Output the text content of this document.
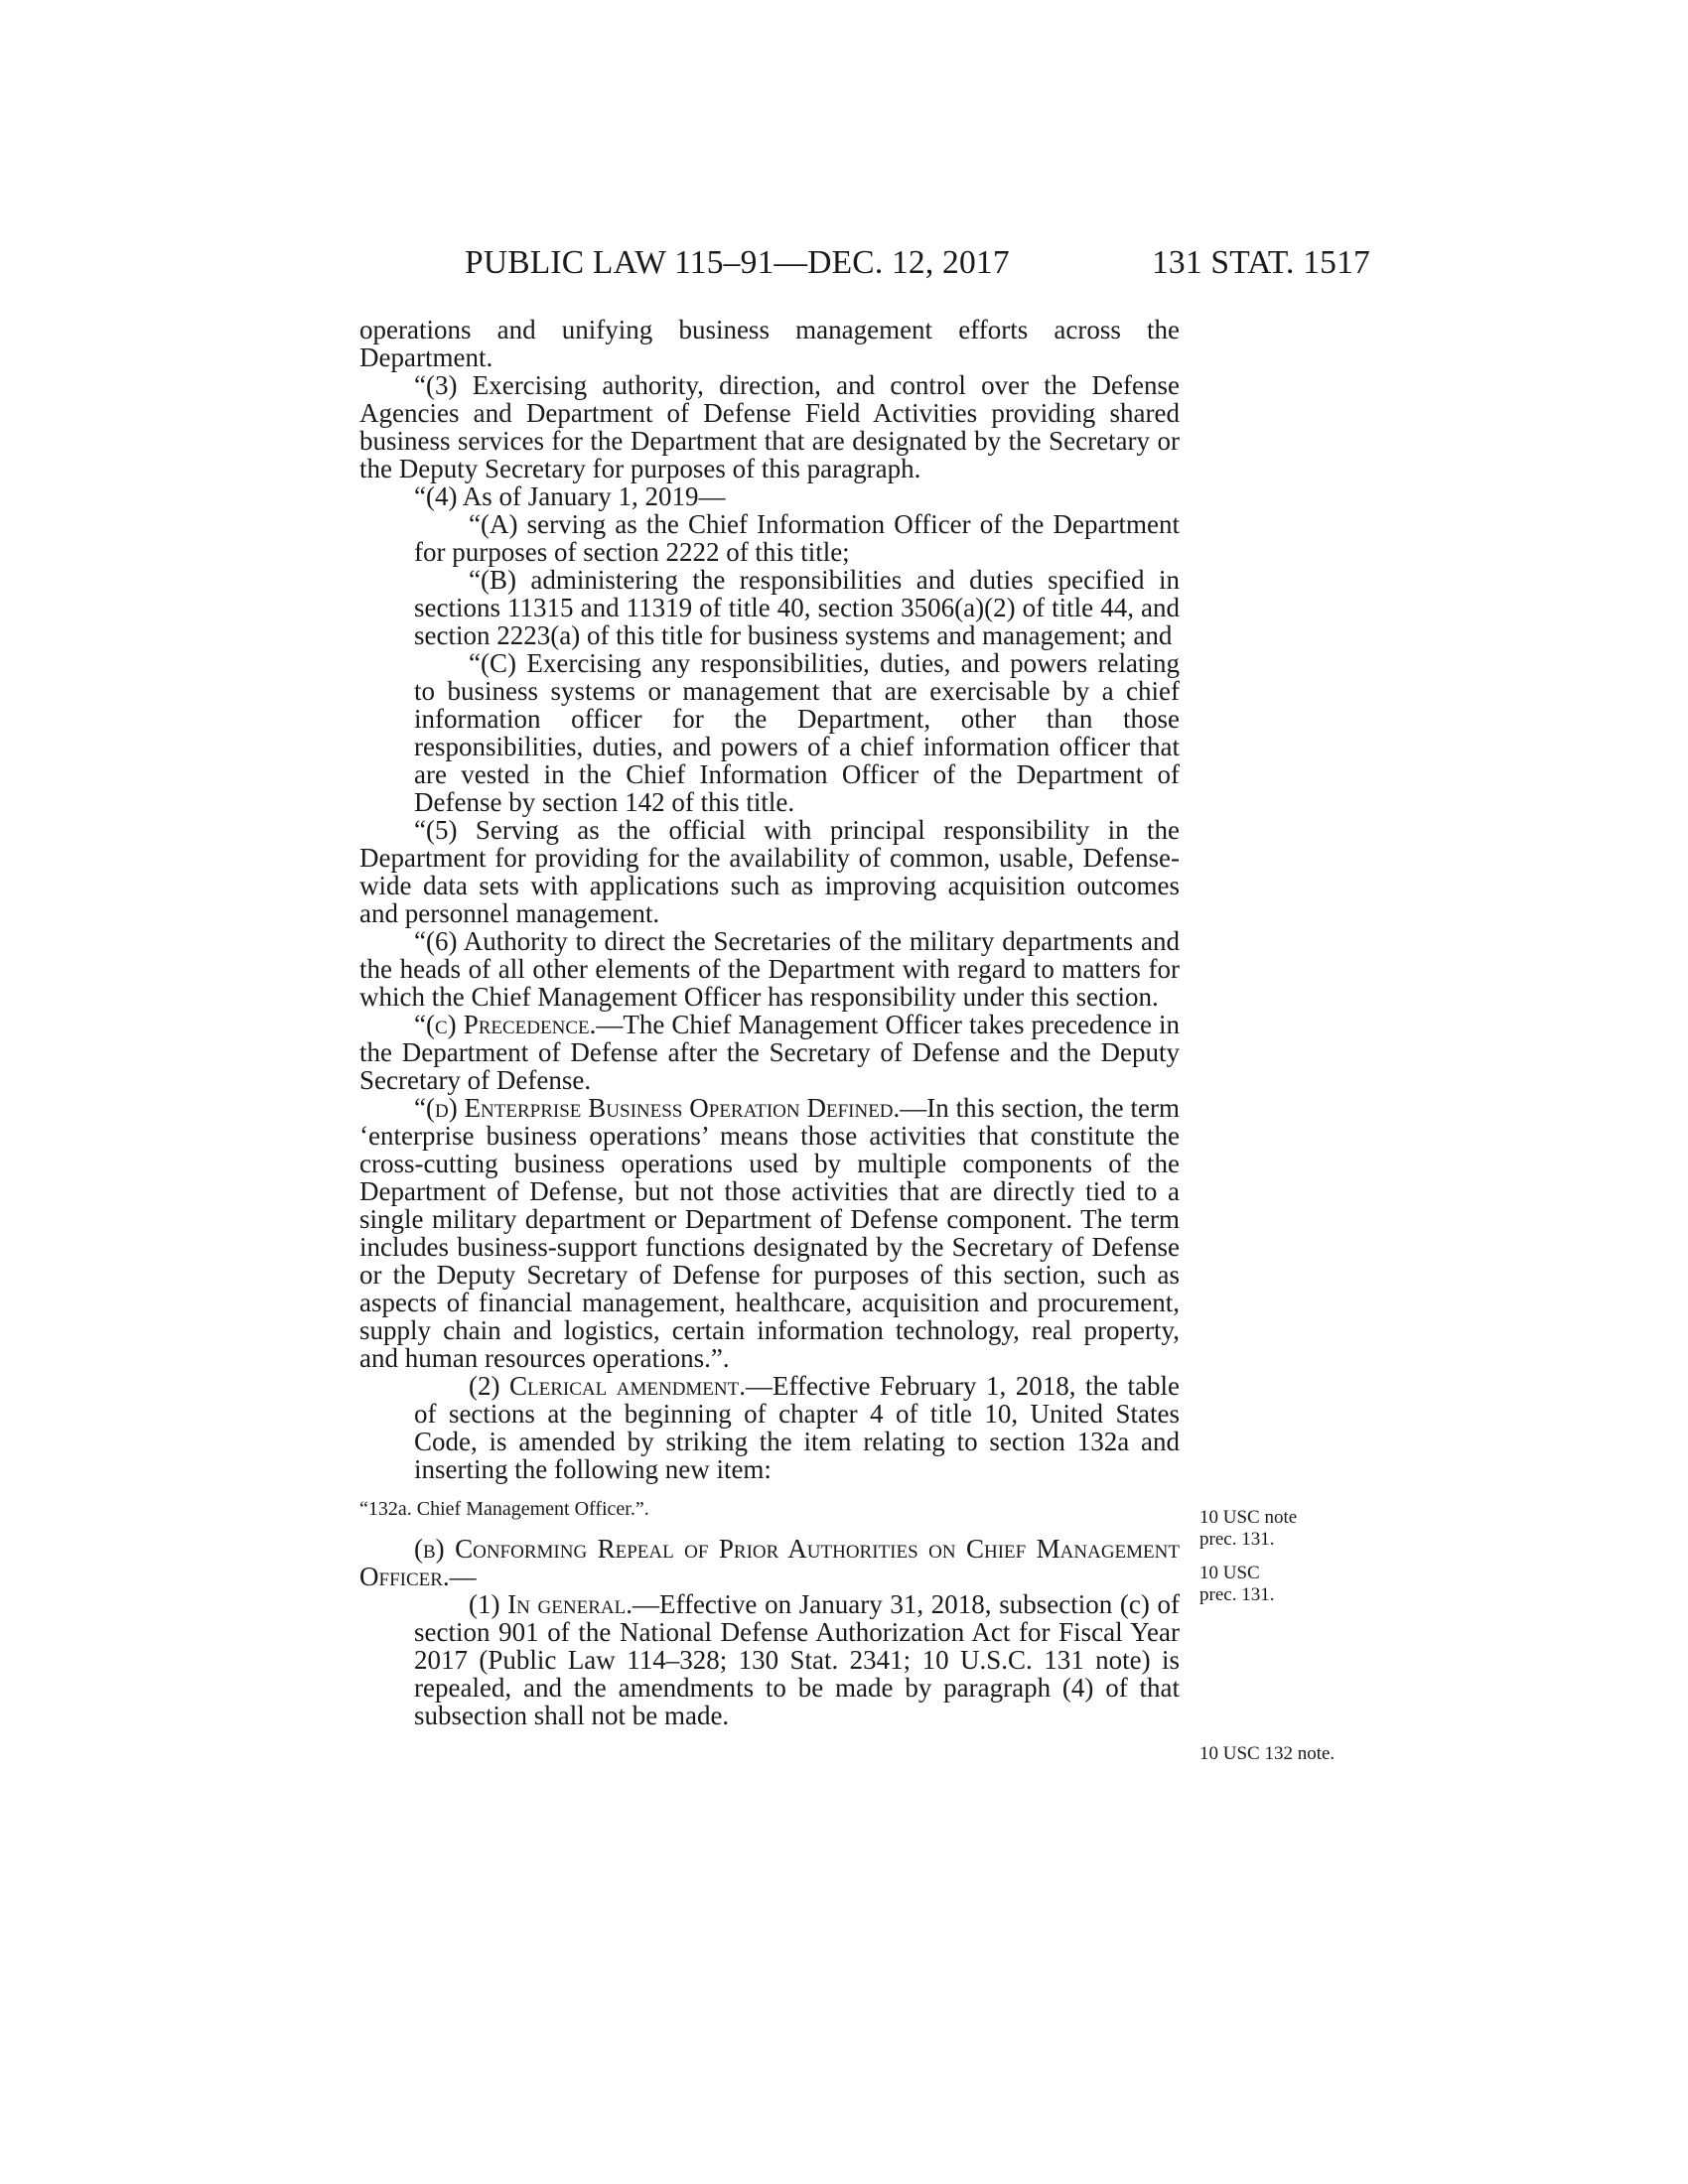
PUBLIC LAW 115–91—DEC. 12, 2017	131 STAT. 1517

operations and unifying business management efforts across the Department.

“(3) Exercising authority, direction, and control over the Defense Agencies and Department of Defense Field Activities providing shared business services for the Department that are designated by the Secretary or the Deputy Secretary for purposes of this paragraph.

“(4) As of January 1, 2019—

“(A) serving as the Chief Information Officer of the Department for purposes of section 2222 of this title;

“(B) administering the responsibilities and duties specified in sections 11315 and 11319 of title 40, section 3506(a)(2) of title 44, and section 2223(a) of this title for business systems and management; and

“(C) Exercising any responsibilities, duties, and powers relating to business systems or management that are exercisable by a chief information officer for the Department, other than those responsibilities, duties, and powers of a chief information officer that are vested in the Chief Information Officer of the Department of Defense by section 142 of this title.

“(5) Serving as the official with principal responsibility in the Department for providing for the availability of common, usable, Defense-wide data sets with applications such as improving acquisition outcomes and personnel management.

“(6) Authority to direct the Secretaries of the military departments and the heads of all other elements of the Department with regard to matters for which the Chief Management Officer has responsibility under this section.

“(c) Precedence.—The Chief Management Officer takes precedence in the Department of Defense after the Secretary of Defense and the Deputy Secretary of Defense.

“(d) Enterprise Business Operation Defined.—In this section, the term ‘enterprise business operations’ means those activities that constitute the cross-cutting business operations used by multiple components of the Department of Defense, but not those activities that are directly tied to a single military department or Department of Defense component. The term includes business-support functions designated by the Secretary of Defense or the Deputy Secretary of Defense for purposes of this section, such as aspects of financial management, healthcare, acquisition and procurement, supply chain and logistics, certain information technology, real property, and human resources operations.”.

(2) Clerical amendment.—Effective February 1, 2018, the table of sections at the beginning of chapter 4 of title 10, United States Code, is amended by striking the item relating to section 132a and inserting the following new item:

“132a. Chief Management Officer.”.

(b) Conforming Repeal of Prior Authorities on Chief Management Officer.—

(1) In general.—Effective on January 31, 2018, subsection (c) of section 901 of the National Defense Authorization Act for Fiscal Year 2017 (Public Law 114–328; 130 Stat. 2341; 10 U.S.C. 131 note) is repealed, and the amendments to be made by paragraph (4) of that subsection shall not be made.

10 USC note
prec. 131.
10 USC
prec. 131.
10 USC 132 note.
